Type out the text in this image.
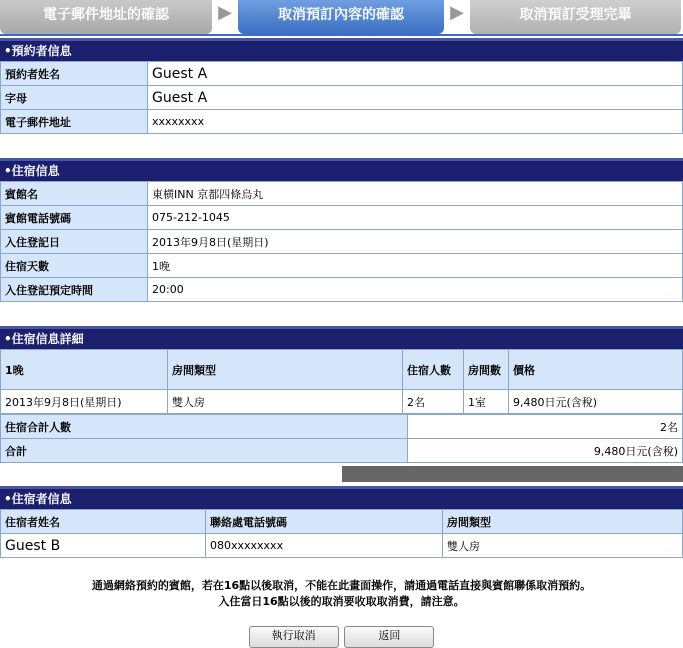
電子郵件地址的確認	▶	取消預訂內容的確認	▶	取消預訂受理完畢
•預約者信息
預約者姓名	Guest A
字母	Guest A
電子郵件地址	xxxxxxxx
•住宿信息
賓館名	東横INN 京都四條烏丸
賓館電話號碼	075-212-1045
入住登記日	2013年9月8日(星期日)
住宿天數	1晚
入住登記預定時間	20:00
•住宿信息詳細
1晚	房間類型	住宿人數	房間數	價格
2013年9月8日(星期日)	雙人房	2名	1室	9,480日元(含稅)
住宿合計人數	2名
合計	9,480日元(含稅)
•住宿者信息
住宿者姓名	聯絡處電話號碼	房間類型
Guest B	080xxxxxxxx	雙人房
通過網絡預約的賓館，若在16點以後取消，不能在此畫面操作，請通過電話直接與賓館聯係取消預約。
入住當日16點以後的取消要收取取消費，請注意。
執行取消	返回
